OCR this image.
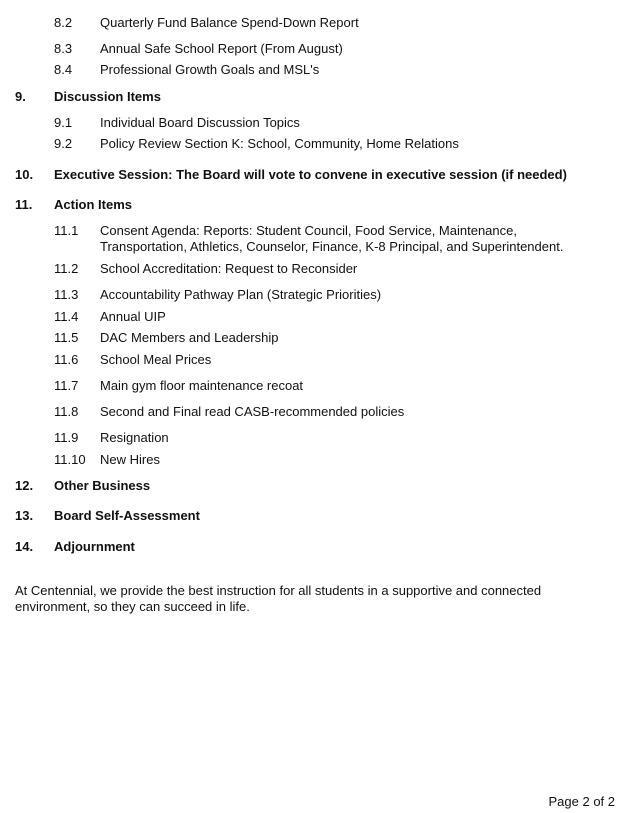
8.2 Quarterly Fund Balance Spend-Down Report
8.3 Annual Safe School Report (From August)
8.4 Professional Growth Goals and MSL's
9. Discussion Items
9.1 Individual Board Discussion Topics
9.2 Policy Review Section K: School, Community, Home Relations
10. Executive Session: The Board will vote to convene in executive session (if needed)
11. Action Items
11.1 Consent Agenda: Reports: Student Council, Food Service, Maintenance, Transportation, Athletics, Counselor, Finance, K-8 Principal, and Superintendent.
11.2 School Accreditation: Request to Reconsider
11.3 Accountability Pathway Plan (Strategic Priorities)
11.4 Annual UIP
11.5 DAC Members and Leadership
11.6 School Meal Prices
11.7 Main gym floor maintenance recoat
11.8 Second and Final read CASB-recommended policies
11.9 Resignation
11.10 New Hires
12. Other Business
13. Board Self-Assessment
14. Adjournment
At Centennial, we provide the best instruction for all students in a supportive and connected environment, so they can succeed in life.
Page 2 of 2
